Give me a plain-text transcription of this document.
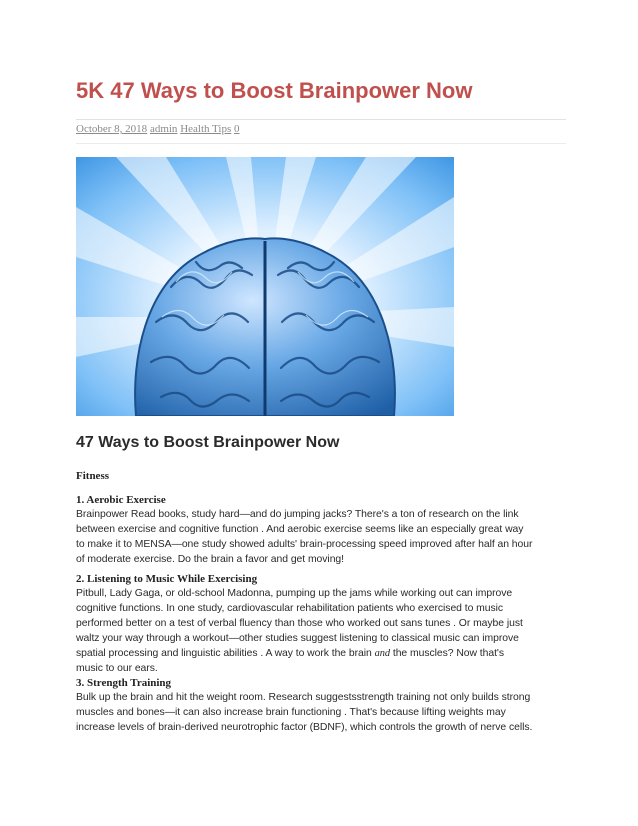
5K 47 Ways to Boost Brainpower Now
October 8, 2018 admin Health Tips 0
47 Ways to Boost Brainpower Now
Fitness

1. Aerobic Exercise

Brainpower Read books, study hard—and do jumping jacks? There's a ton of research on the link
between exercise and cognitive function . And aerobic exercise seems like an especially great way
to make it to MENSA—one study showed adults' brain-processing speed improved after half an hour
of moderate exercise. Do the brain a favor and get moving!

2. Listening to Music While Exercising

Pitbull, Lady Gaga, or old-school Madonna, pumping up the jams while working out can improve
cognitive functions. In one study, cardiovascular rehabilitation patients who exercised to music
performed better on a test of verbal fluency than those who worked out sans tunes . Or maybe just
waltz your way through a workout—other studies suggest listening to classical music can improve
spatial processing and linguistic abilities . A way to work the brain and the muscles? Now that's
music to our ears.

3. Strength Training

Bulk up the brain and hit the weight room. Research suggestsstrength training not only builds strong
muscles and bones—it can also increase brain functioning . That's because lifting weights may
increase levels of brain-derived neurotrophic factor (BDNF), which controls the growth of nerve cells.
